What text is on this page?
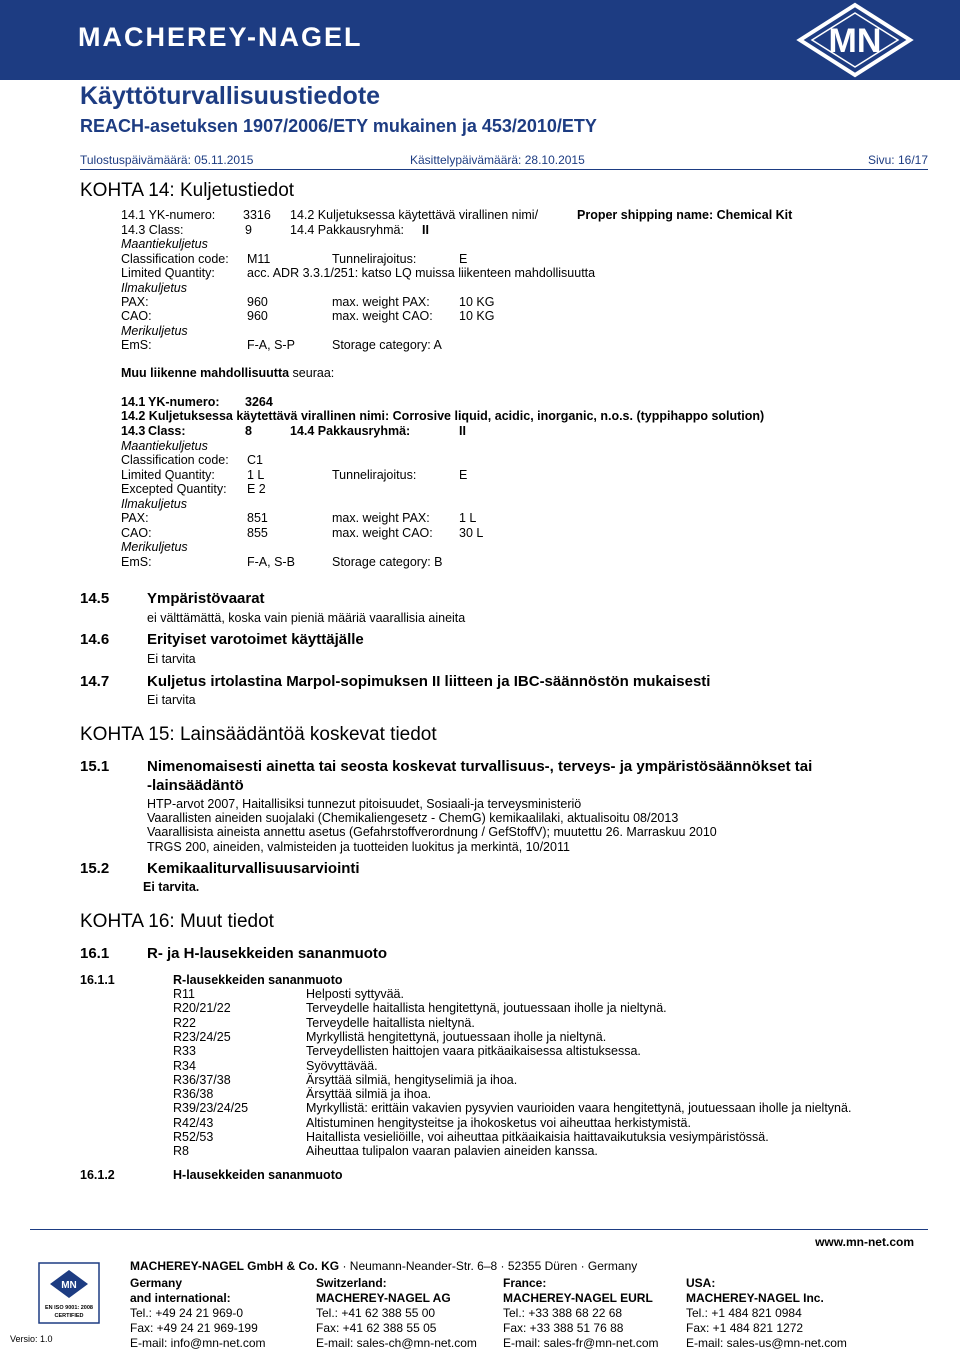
MACHEREY-NAGEL	MN
Käyttöturvallisuustiedote
REACH-asetuksen 1907/2006/ETY mukainen ja 453/2010/ETY
Tulostuspäivämäärä: 05.11.2015	Käsittelypäivämäärä: 28.10.2015	Sivu: 16/17
KOHTA 14: Kuljetustiedot
14.1 YK-numero: 3316 14.2 Kuljetuksessa käytettävä virallinen nimi/	Proper shipping name: Chemical Kit
14.3 Class:	9	14.4 Pakkausryhmä: II
Maantiekuljetus
Classification code: M11	Tunnelirajoitus:	E
Limited Quantity:	acc. ADR 3.3.1/251: katso LQ muissa liikenteen mahdollisuutta
Ilmakuljetus
PAX:	960	max. weight PAX: 10 KG
CAO:	960	max. weight CAO: 10 KG
Merikuljetus
EmS:	F-A, S-P	Storage category: A
Muu liikenne mahdollisuutta seuraa:
14.1 YK-numero: 3264
14.2 Kuljetuksessa käytettävä virallinen nimi: Corrosive liquid, acidic, inorganic, n.o.s. (typpihappo solution)
14.3 Class:	8	14.4 Pakkausryhmä:	II
Maantiekuljetus
Classification code: C1
Limited Quantity:	1 L	Tunnelirajoitus:	E
Excepted Quantity: E 2
Ilmakuljetus
PAX:	851	max. weight PAX: 1 L
CAO:	855	max. weight CAO: 30 L
Merikuljetus
EmS:	F-A, S-B	Storage category: B
14.5	Ympäristövaarat
ei välttämättä, koska vain pieniä määriä vaarallisia aineita
14.6	Erityiset varotoimet käyttäjälle
Ei tarvita
14.7	Kuljetus irtolastina Marpol-sopimuksen II liitteen ja IBC-säännöstön mukaisesti
Ei tarvita
KOHTA 15: Lainsäädäntöä koskevat tiedot
15.1	Nimenomaisesti ainetta tai seosta koskevat turvallisuus-, terveys- ja ympäristösäännökset tai
-lainsäädäntö
HTP-arvot 2007, Haitallisiksi tunnezut pitoisuudet, Sosiaali-ja terveysministeriö
Vaarallisten aineiden suojalaki (Chemikaliengesetz - ChemG) kemikaalilaki, aktualisoitu 08/2013
Vaarallisista aineista annettu asetus (Gefahrstoffverordnung / GefStoffV); muutettu 26. Marraskuu 2010
TRGS 200, aineiden, valmisteiden ja tuotteiden luokitus ja merkintä, 10/2011
15.2	Kemikaaliturvallisuusarviointi
Ei tarvita.
KOHTA 16: Muut tiedot
16.1	R- ja H-lausekkeiden sananmuoto
16.1.1	R-lausekkeiden sananmuoto
R11	Helposti syttyvää.
R20/21/22	Terveydelle haitallista hengitettynä, joutuessaan iholle ja nieltynä.
R22	Terveydelle haitallista nieltynä.
R23/24/25	Myrkyllistä hengitettynä, joutuessaan iholle ja nieltynä.
R33	Terveydellisten haittojen vaara pitkäaikaisessa altistuksessa.
R34	Syövyttävää.
R36/37/38	Ärsyttää silmiä, hengityselimiä ja ihoa.
R36/38	Ärsyttää silmiä ja ihoa.
R39/23/24/25	Myrkyllistä: erittäin vakavien pysyvien vaurioiden vaara hengitettynä, joutuessaan iholle ja nieltynä.
R42/43	Altistuminen hengitysteitse ja ihokosketus voi aiheuttaa herkistymistä.
R52/53	Haitallista vesieliöille, voi aiheuttaa pitkäaikaisia haittavaikutuksia vesiympäristössä.
R8	Aiheuttaa tulipalon vaaran palavien aineiden kanssa.
16.1.2	H-lausekkeiden sananmuoto
MACHEREY-NAGEL GmbH & Co. KG · Neumann-Neander-Str. 6–8 · 52355 Düren · Germany
www.mn-net.com
MN
EN ISO 9001: 2008
CERTIFIED
Versio: 1.0
Germany
and international:
Tel.: +49 24 21 969-0
Fax: +49 24 21 969-199
E-mail: info@mn-net.com
Switzerland:
MACHEREY-NAGEL AG
Tel.: +41 62 388 55 00
Fax: +41 62 388 55 05
E-mail: sales-ch@mn-net.com
France:
MACHEREY-NAGEL EURL
Tel.: +33 388 68 22 68
Fax: +33 388 51 76 88
E-mail: sales-fr@mn-net.com
USA:
MACHEREY-NAGEL Inc.
Tel.: +1 484 821 0984
Fax: +1 484 821 1272
E-mail: sales-us@mn-net.com
